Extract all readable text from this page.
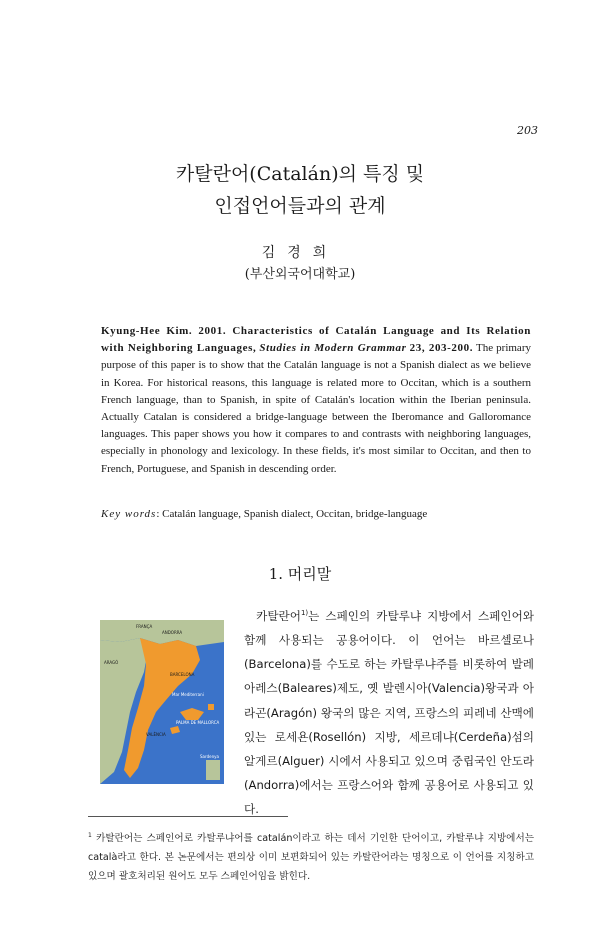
203
카탈란어(Catalán)의 특징 및
인접언어들과의 관계
김경희
(부산외국어대학교)
Kyung-Hee Kim. 2001. Characteristics of Catalán Language and Its Relation with Neighboring Languages, Studies in Modern Grammar 23, 203-200. The primary purpose of this paper is to show that the Catalán language is not a Spanish dialect as we believe in Korea. For historical reasons, this language is related more to Occitan, which is a southern French language, than to Spanish, in spite of Catalán's location within the Iberian peninsula. Actually Catalan is considered a bridge-language between the Iberomance and Galloromance languages. This paper shows you how it compares to and contrasts with neighboring languages, especially in phonology and lexicology. In these fields, it's most similar to Occitan, and then to French, Portuguese, and Spanish in descending order.
Key words: Catalán language, Spanish dialect, Occitan, bridge-language
1. 머리말
FRANÇA
ANDORRA
ARAGÓ
BARCELONA
Mar Mediterrani
VALÈNCIA
PALMA DE MALLORCA
Sardenya
카탈란어$^{1)}$는 스페인의 카탈루냐 지방에서 스페인어와 함께 사용되는 공용어이다. 이 언어는 바르셀로나(Barcelona)를 수도로 하는 카탈루냐주를 비롯하여 발레아레스(Baleares)제도, 옛 발렌시아(Valencia)왕국과 아라곤(Aragón) 왕국의 많은 지역, 프랑스의 피레네 산맥에 있는 로세욘(Rosellón) 지방, 세르데냐(Cerdeña)섬의 알게르(Alguer) 시에서 사용되고 있으며 중립국인 안도라(Andorra)에서는 프랑스어와 함께 공용어로 사용되고 있다.
$^1$ 카탈란어는 스페인어로 카탈루냐어를 catalán이라고 하는 데서 기인한 단어이고, 카탈루냐 지방에서는 català라고 한다. 본 논문에서는 편의상 이미 보편화되어 있는 카탈란어라는 명칭으로 이 언어를 지칭하고 있으며 괄호처리된 원어도 모두 스페인어임을 밝힌다.
